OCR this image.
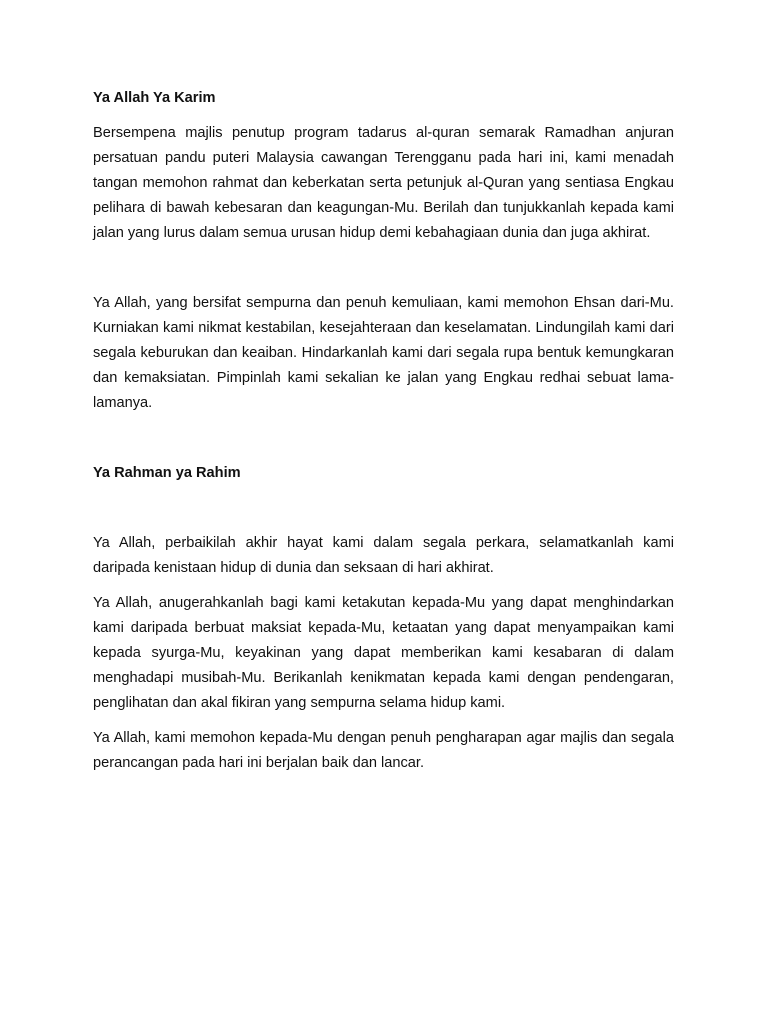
Ya Allah Ya Karim

Bersempena majlis penutup program tadarus al-quran semarak Ramadhan anjuran persatuan pandu puteri Malaysia cawangan Terengganu pada hari ini, kami menadah tangan memohon rahmat dan keberkatan serta petunjuk al-Quran yang sentiasa Engkau pelihara di bawah kebesaran dan keagungan-Mu. Berilah dan tunjukkanlah kepada kami jalan yang lurus dalam semua urusan hidup demi kebahagiaan dunia dan juga akhirat.

Ya Allah, yang bersifat sempurna dan penuh kemuliaan, kami memohon Ehsan dari-Mu. Kurniakan kami nikmat kestabilan, kesejahteraan dan keselamatan. Lindungilah kami dari segala keburukan dan keaiban. Hindarkanlah kami dari segala rupa bentuk kemungkaran dan kemaksiatan. Pimpinlah kami sekalian ke jalan yang Engkau redhai sebuat lama-lamanya.

Ya Rahman ya Rahim

Ya Allah, perbaikilah akhir hayat kami dalam segala perkara, selamatkanlah kami daripada kenistaan hidup di dunia dan seksaan di hari akhirat.

Ya Allah, anugerahkanlah bagi kami ketakutan kepada-Mu yang dapat menghindarkan kami daripada berbuat maksiat kepada-Mu, ketaatan yang dapat menyampaikan kami kepada syurga-Mu, keyakinan yang dapat memberikan kami kesabaran di dalam menghadapi musibah-Mu. Berikanlah kenikmatan kepada kami dengan pendengaran, penglihatan dan akal fikiran yang sempurna selama hidup kami.

Ya Allah, kami memohon kepada-Mu dengan penuh pengharapan agar majlis dan segala perancangan pada hari ini berjalan baik dan lancar.
